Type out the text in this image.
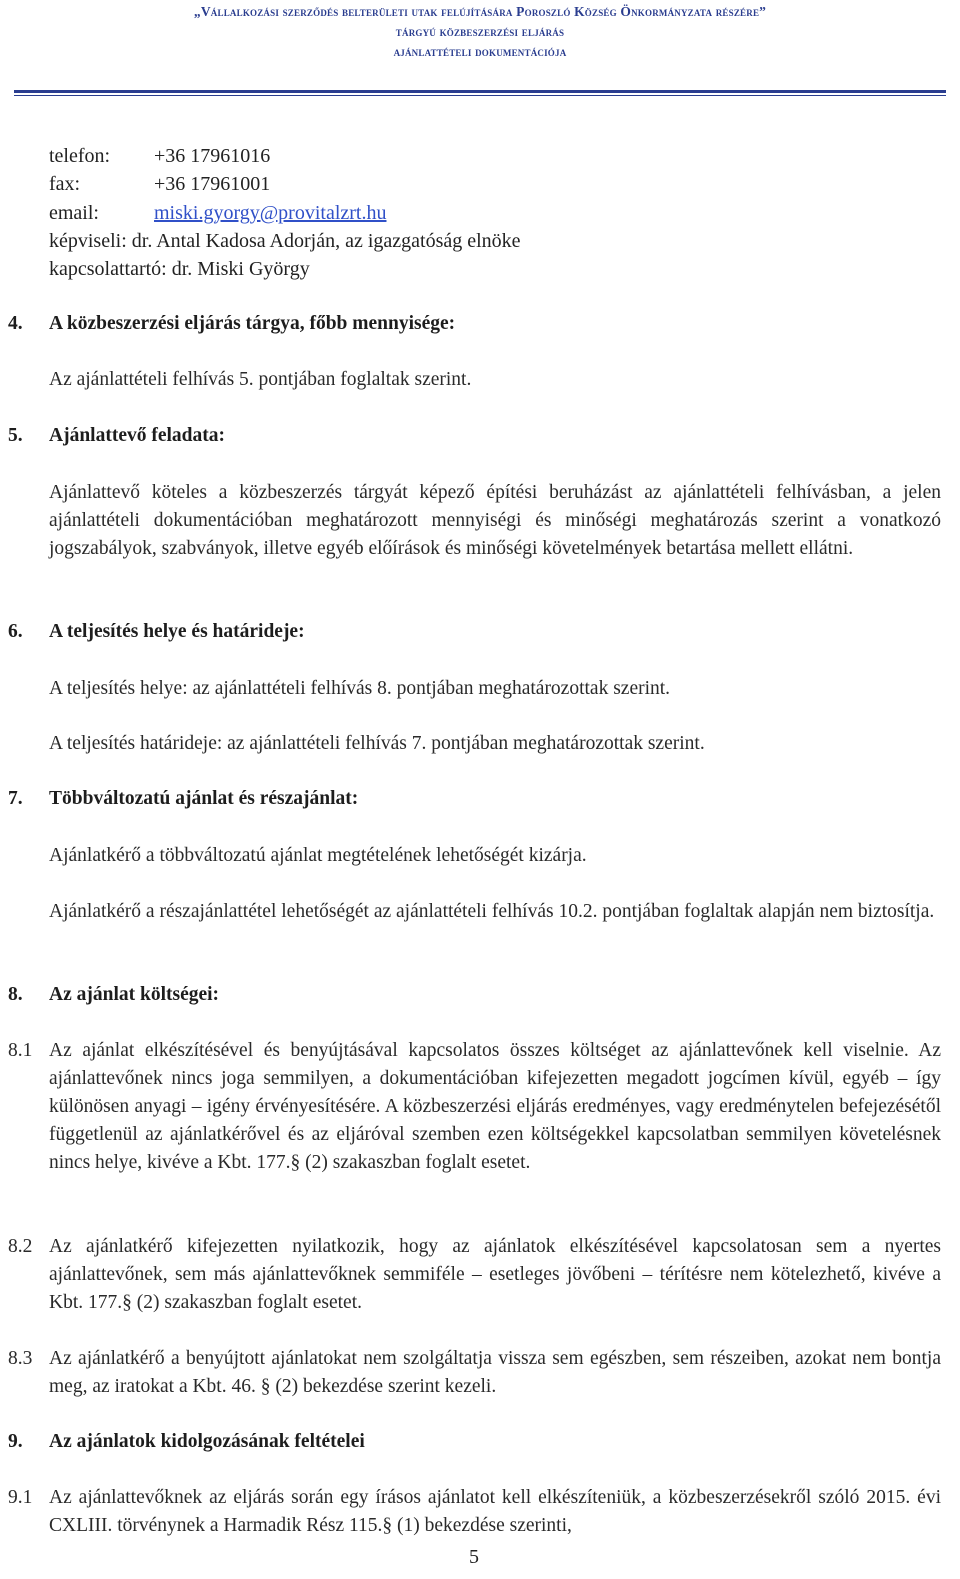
„Vállalkozási szerződés belterületi utak felújítására Poroszló Község Önkormányzata részére”
tárgyú közbeszerzési eljárás
ajánlattételi dokumentációja
telefon: +36 17961016
fax:	+36 17961001
email:	miski.gyorgy@provitalzrt.hu
képviseli: dr. Antal Kadosa Adorján, az igazgatóság elnöke
kapcsolattartó: dr. Miski György
4. A közbeszerzési eljárás tárgya, főbb mennyisége:
Az ajánlattételi felhívás 5. pontjában foglaltak szerint.
5. Ajánlattevő feladata:
Ajánlattevő köteles a közbeszerzés tárgyát képező építési beruházást az ajánlattételi felhívásban, a jelen ajánlattételi dokumentációban meghatározott mennyiségi és minőségi meghatározás szerint a vonatkozó jogszabályok, szabványok, illetve egyéb előírások és minőségi követelmények betartása mellett ellátni.
6. A teljesítés helye és határideje:
A teljesítés helye: az ajánlattételi felhívás 8. pontjában meghatározottak szerint.
A teljesítés határideje: az ajánlattételi felhívás 7. pontjában meghatározottak szerint.
7. Többváltozatú ajánlat és részajánlat:
Ajánlatkérő a többváltozatú ajánlat megtételének lehetőségét kizárja.
Ajánlatkérő a részajánlattétel lehetőségét az ajánlattételi felhívás 10.2. pontjában foglaltak alapján nem biztosítja.
8. Az ajánlat költségei:
8.1 Az ajánlat elkészítésével és benyújtásával kapcsolatos összes költséget az ajánlattevőnek kell viselnie. Az ajánlattevőnek nincs joga semmilyen, a dokumentációban kifejezetten megadott jogcímen kívül, egyéb – így különösen anyagi – igény érvényesítésére. A közbeszerzési eljárás eredményes, vagy eredménytelen befejezésétől függetlenül az ajánlatkérővel és az eljáróval szemben ezen költségekkel kapcsolatban semmilyen követelésnek nincs helye, kivéve a Kbt. 177.§ (2) szakaszban foglalt esetet.
8.2 Az ajánlatkérő kifejezetten nyilatkozik, hogy az ajánlatok elkészítésével kapcsolatosan sem a nyertes ajánlattevőnek, sem más ajánlattevőknek semmiféle – esetleges jövőbeni – térítésre nem kötelezhető, kivéve a Kbt. 177.§ (2) szakaszban foglalt esetet.
8.3 Az ajánlatkérő a benyújtott ajánlatokat nem szolgáltatja vissza sem egészben, sem részeiben, azokat nem bontja meg, az iratokat a Kbt. 46. § (2) bekezdése szerint kezeli.
9. Az ajánlatok kidolgozásának feltételei
9.1 Az ajánlattevőknek az eljárás során egy írásos ajánlatot kell elkészíteniük, a közbeszerzésekről szóló 2015. évi CXLIII. törvénynek a Harmadik Rész 115.§ (1) bekezdése szerinti,
5
